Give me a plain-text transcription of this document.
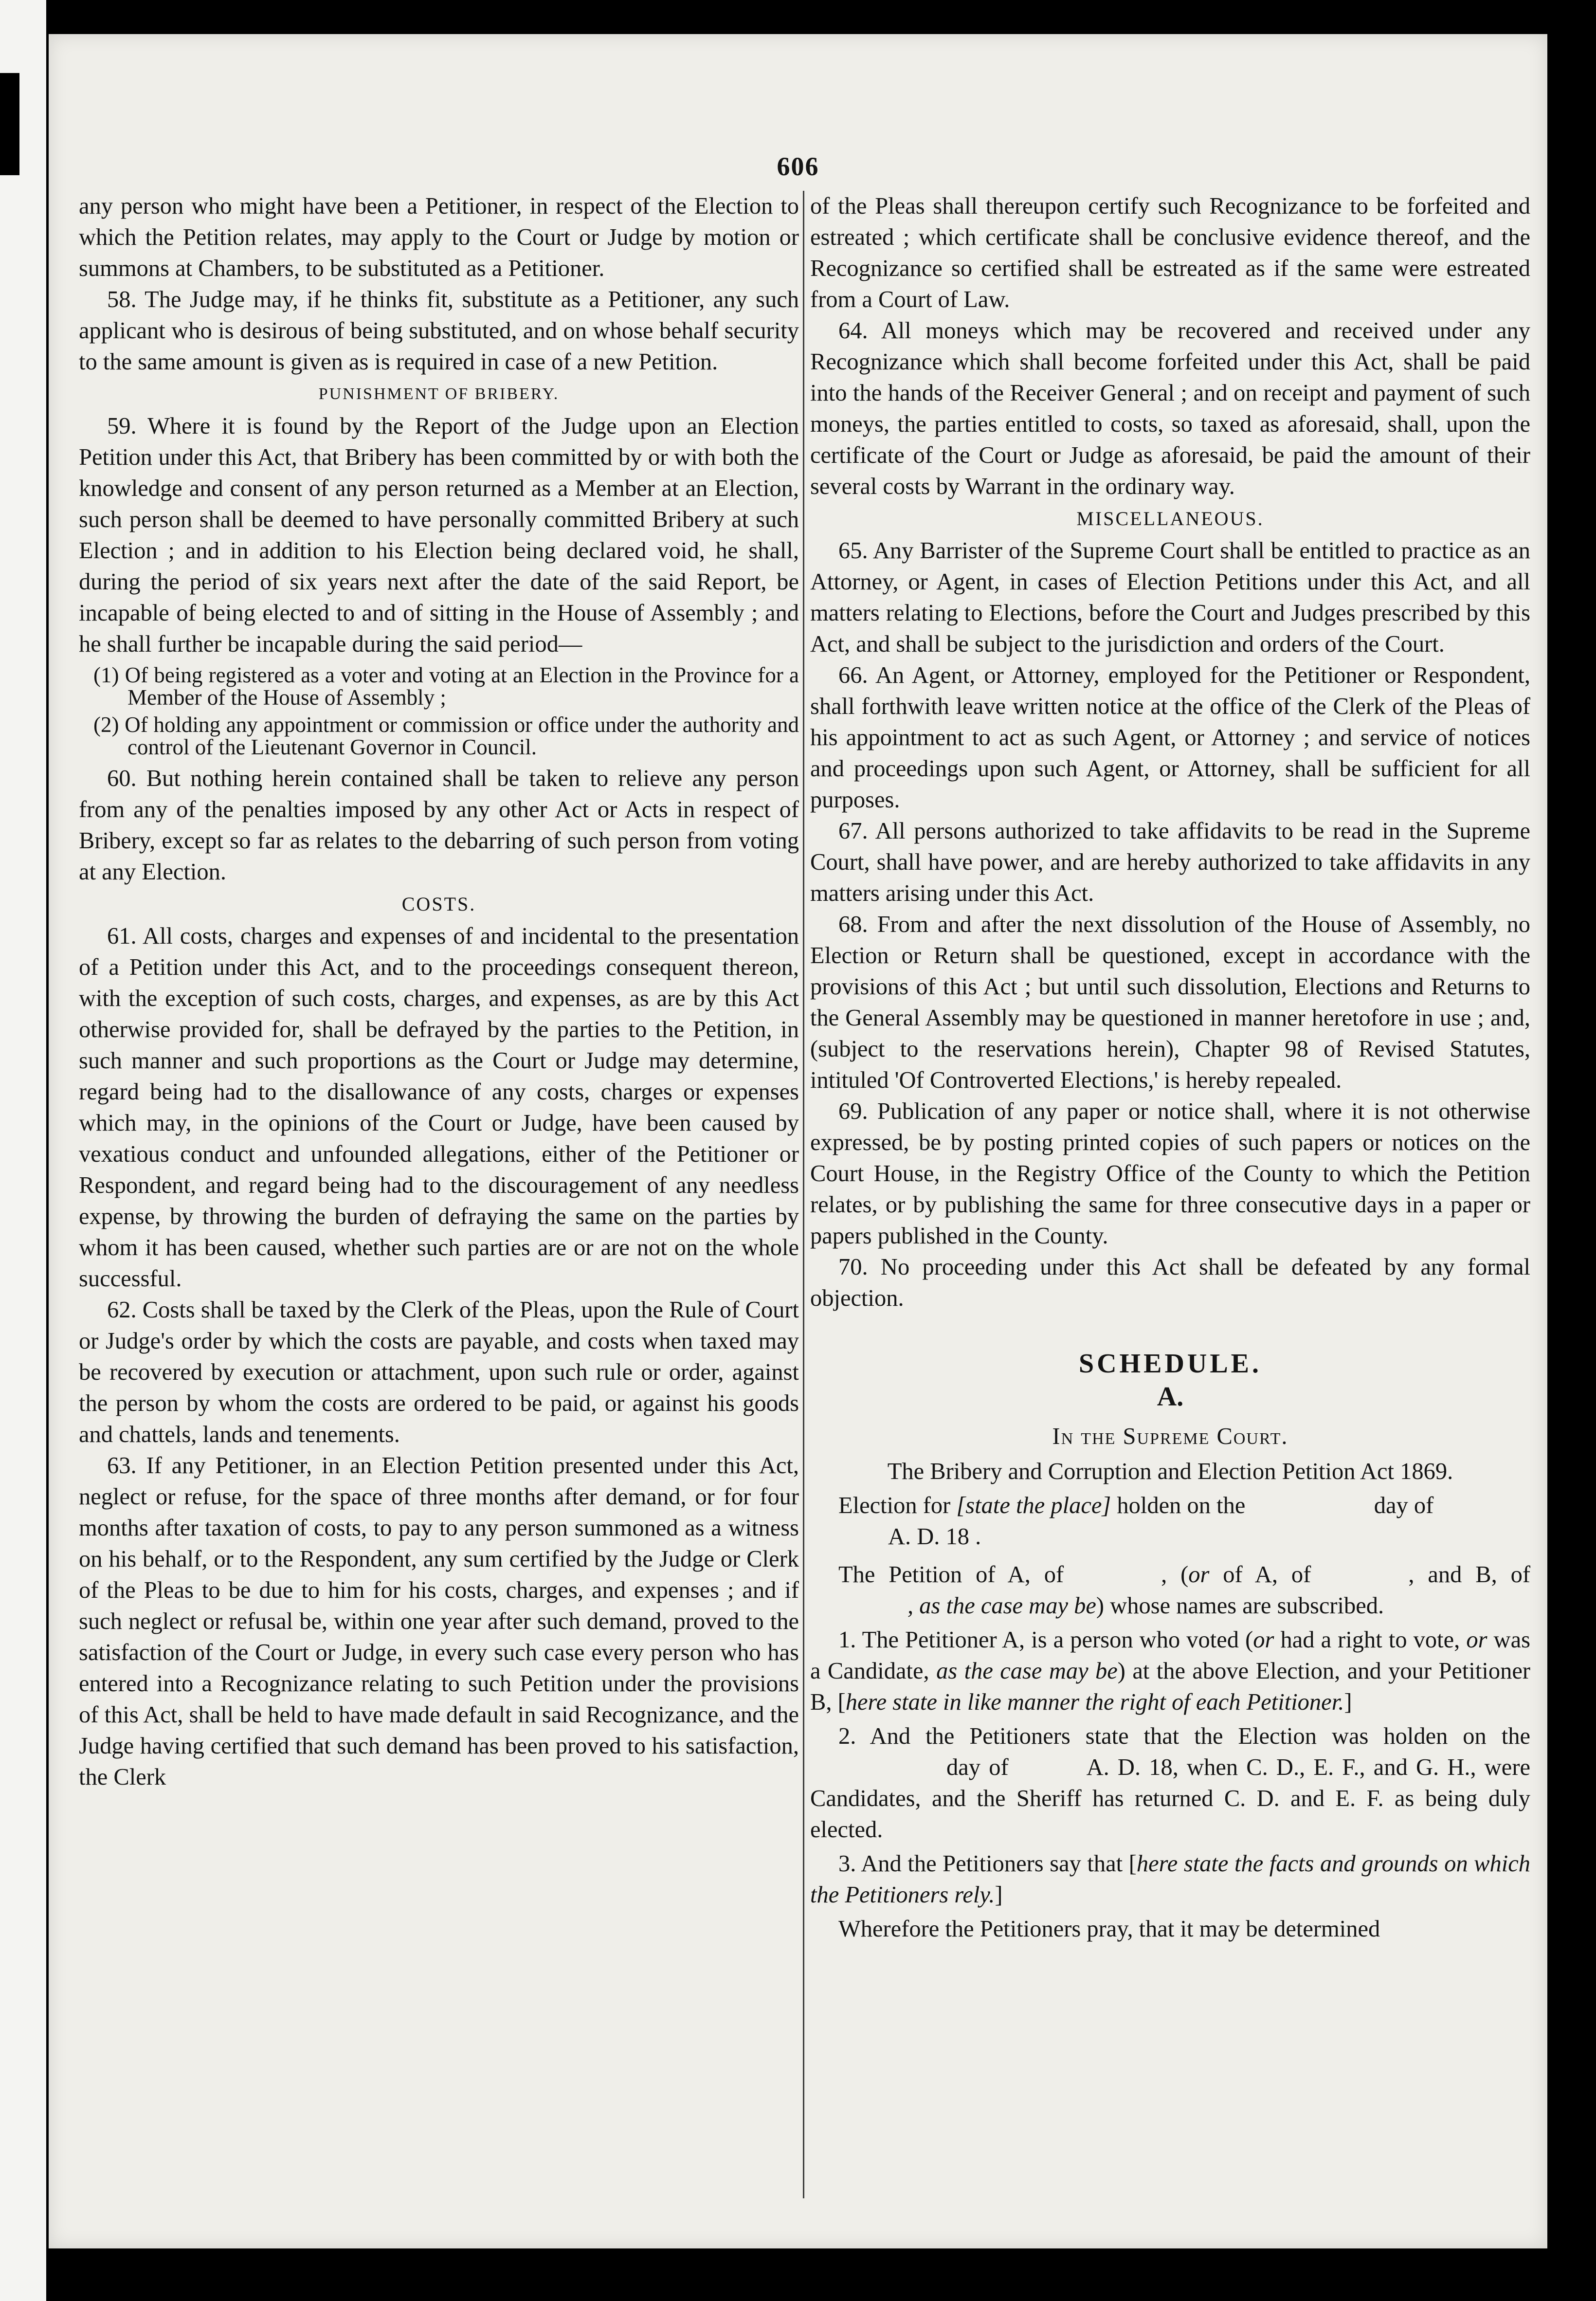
606

any person who might have been a Petitioner, in respect of the Election to which the Petition relates, may apply to the Court or Judge by motion or summons at Chambers, to be substituted as a Petitioner.

58. The Judge may, if he thinks fit, substitute as a Petitioner, any such applicant who is desirous of being substituted, and on whose behalf security to the same amount is given as is required in case of a new Petition.

PUNISHMENT OF BRIBERY.

59. Where it is found by the Report of the Judge upon an Election Petition under this Act, that Bribery has been committed by or with both the knowledge and consent of any person returned as a Member at an Election, such person shall be deemed to have personally committed Bribery at such Election ; and in addition to his Election being declared void, he shall, during the period of six years next after the date of the said Report, be incapable of being elected to and of sitting in the House of Assembly ; and he shall further be incapable during the said period—

(1) Of being registered as a voter and voting at an Election in the Province for a Member of the House of Assembly ;

(2) Of holding any appointment or commission or office under the authority and control of the Lieutenant Governor in Council.

60. But nothing herein contained shall be taken to relieve any person from any of the penalties imposed by any other Act or Acts in respect of Bribery, except so far as relates to the debarring of such person from voting at any Election.

COSTS.

61. All costs, charges and expenses of and incidental to the presentation of a Petition under this Act, and to the proceedings consequent thereon, with the exception of such costs, charges, and expenses, as are by this Act otherwise provided for, shall be defrayed by the parties to the Petition, in such manner and such proportions as the Court or Judge may determine, regard being had to the disallowance of any costs, charges or expenses which may, in the opinions of the Court or Judge, have been caused by vexatious conduct and unfounded allegations, either of the Petitioner or Respondent, and regard being had to the discouragement of any needless expense, by throwing the burden of defraying the same on the parties by whom it has been caused, whether such parties are or are not on the whole successful.

62. Costs shall be taxed by the Clerk of the Pleas, upon the Rule of Court or Judge's order by which the costs are payable, and costs when taxed may be recovered by execution or attachment, upon such rule or order, against the person by whom the costs are ordered to be paid, or against his goods and chattels, lands and tenements.

63. If any Petitioner, in an Election Petition presented under this Act, neglect or refuse, for the space of three months after demand, or for four months after taxation of costs, to pay to any person summoned as a witness on his behalf, or to the Respondent, any sum certified by the Judge or Clerk of the Pleas to be due to him for his costs, charges, and expenses ; and if such neglect or refusal be, within one year after such demand, proved to the satisfaction of the Court or Judge, in every such case every person who has entered into a Recognizance relating to such Petition under the provisions of this Act, shall be held to have made default in said Recognizance, and the Judge having certified that such demand has been proved to his satisfaction, the Clerk

of the Pleas shall thereupon certify such Recognizance to be forfeited and estreated ; which certificate shall be conclusive evidence thereof, and the Recognizance so certified shall be estreated as if the same were estreated from a Court of Law.

64. All moneys which may be recovered and received under any Recognizance which shall become forfeited under this Act, shall be paid into the hands of the Receiver General ; and on receipt and payment of such moneys, the parties entitled to costs, so taxed as aforesaid, shall, upon the certificate of the Court or Judge as aforesaid, be paid the amount of their several costs by Warrant in the ordinary way.

MISCELLANEOUS.

65. Any Barrister of the Supreme Court shall be entitled to practice as an Attorney, or Agent, in cases of Election Petitions under this Act, and all matters relating to Elections, before the Court and Judges prescribed by this Act, and shall be subject to the jurisdiction and orders of the Court.

66. An Agent, or Attorney, employed for the Petitioner or Respondent, shall forthwith leave written notice at the office of the Clerk of the Pleas of his appointment to act as such Agent, or Attorney ; and service of notices and proceedings upon such Agent, or Attorney, shall be sufficient for all purposes.

67. All persons authorized to take affidavits to be read in the Supreme Court, shall have power, and are hereby authorized to take affidavits in any matters arising under this Act.

68. From and after the next dissolution of the House of Assembly, no Election or Return shall be questioned, except in accordance with the provisions of this Act ; but until such dissolution, Elections and Returns to the General Assembly may be questioned in manner heretofore in use ; and, (subject to the reservations herein), Chapter 98 of Revised Statutes, intituled 'Of Controverted Elections,' is hereby repealed.

69. Publication of any paper or notice shall, where it is not otherwise expressed, be by posting printed copies of such papers or notices on the Court House, in the Registry Office of the County to which the Petition relates, or by publishing the same for three consecutive days in a paper or papers published in the County.

70. No proceeding under this Act shall be defeated by any formal objection.

SCHEDULE.

A.

In the Supreme Court.

The Bribery and Corruption and Election Petition Act 1869.

Election for [state the place] holden on the	day of
A. D. 18 .

The Petition of A, of	, (or of A, of	, and B, of, as the case may be) whose names are subscribed.

1. The Petitioner A, is a person who voted (or had a right to vote, or was a Candidate, as the case may be) at the above Election, and your Petitioner B, [here state in like manner the right of each Petitioner.]

2. And the Petitioners state that the Election was holden on theday of	A. D. 18, when C. D., E. F., and G. H., were Candidates, and the Sheriff has returned C. D. and E. F. as being duly elected.

3. And the Petitioners say that [here state the facts and grounds on which the Petitioners rely.]

Wherefore the Petitioners pray, that it may be determined
